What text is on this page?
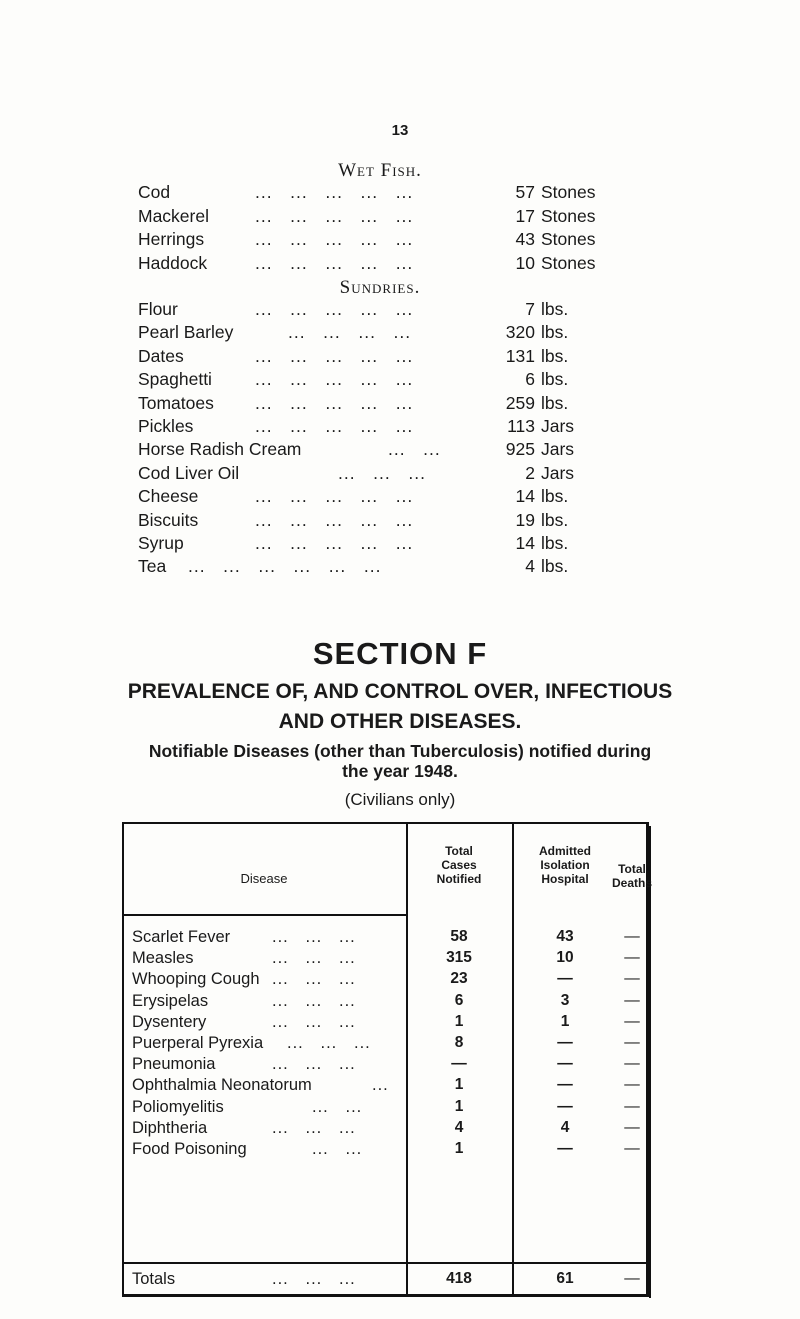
13
Wet Fish.
Cod	...   ...   ...   ...   ...	57 Stones
Mackerel	...   ...   ...   ...   ...	17 Stones
Herrings	...   ...   ...   ...   ...	43 Stones
Haddock	...   ...   ...   ...   ...	10 Stones
Sundries.
Flour	...   ...   ...   ...   ...	7 lbs.
Pearl Barley	...   ...   ...   ...	320 lbs.
Dates	...   ...   ...   ...   ...	131 lbs.
Spaghetti ...   ...   ...   ...   ...	6 lbs.
Tomatoes ...   ...   ...   ...   ...	259 lbs.
Pickles	...   ...   ...   ...   ...	113 Jars
Horse Radish Cream	...   ...	925 Jars
Cod Liver Oil	...   ...   ...	2 Jars
Cheese	...   ...   ...   ...   ...	14 lbs.
Biscuits	...   ...   ...   ...   ...	19 lbs.
Syrup	...   ...   ...   ...   ...	14 lbs.
Tea ...   ...   ...   ...   ...   ...	4 lbs.
SECTION F
PREVALENCE OF, AND CONTROL OVER, INFECTIOUS
AND OTHER DISEASES.
Notifiable Diseases (other than Tuberculosis) notified during
the year 1948.
(Civilians only)
Disease
Total
Cases
Notified
Admitted
Isolation
Hospital
Total
Deaths
Scarlet Fever	...   ...   ...	58	43	—
Measles	...   ...   ...	315	10	—
Whooping Cough ...   ...   ...	23	—	—
Erysipelas	...   ...   ...	6	3	—
Dysentery	...   ...   ...	1	1	—
Puerperal Pyrexia ...   ...   ...	8	—	—
Pneumonia	...   ...   ...	—	—	—
Ophthalmia Neonatorum	...	1	—	—
Poliomyelitis	...   ...	1	—	—
Diphtheria	...   ...   ...	4	4	—
Food Poisoning	...   ...	1	—	—
Totals	...   ...   ...	418	61	—
